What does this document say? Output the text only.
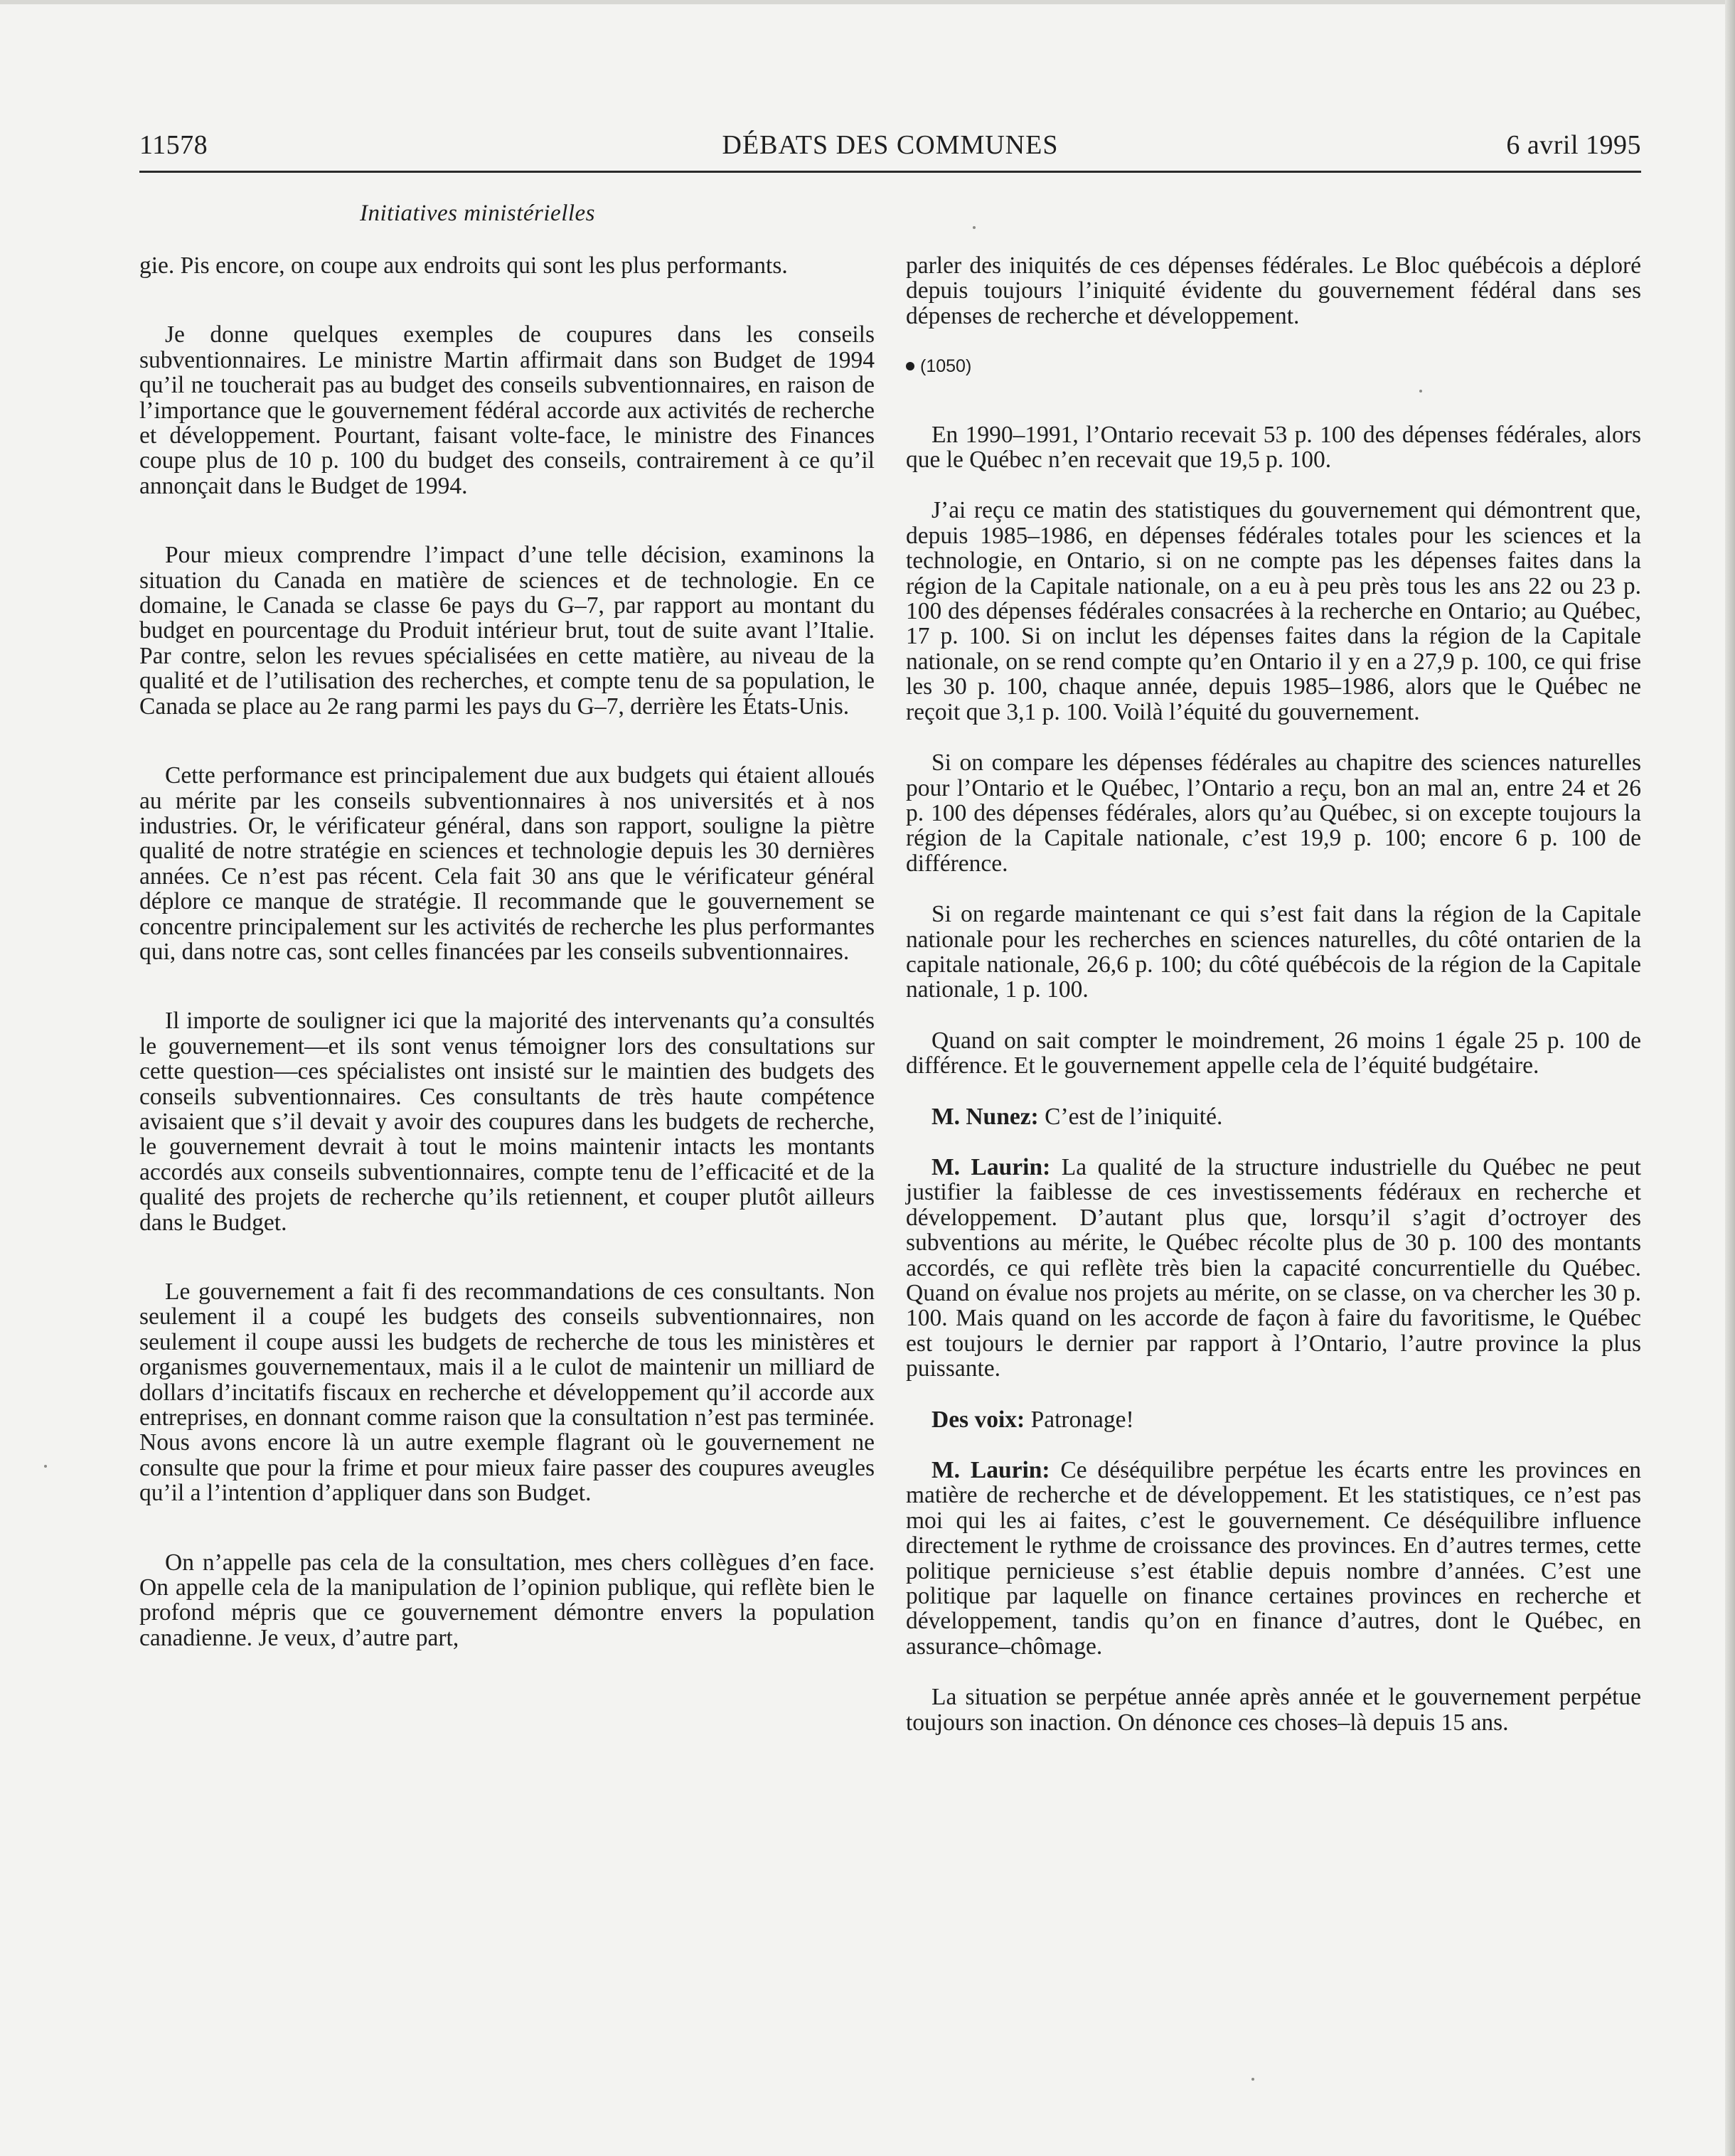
11578	DÉBATS DES COMMUNES	6 avril 1995
Initiatives ministérielles

gie. Pis encore, on coupe aux endroits qui sont les plus performants.

Je donne quelques exemples de coupures dans les conseils subventionnaires. Le ministre Martin affirmait dans son Budget de 1994 qu’il ne toucherait pas au budget des conseils subventionnaires, en raison de l’importance que le gouvernement fédéral accorde aux activités de recherche et développement. Pourtant, faisant volte-face, le ministre des Finances coupe plus de 10 p. 100 du budget des conseils, contrairement à ce qu’il annonçait dans le Budget de 1994.

Pour mieux comprendre l’impact d’une telle décision, examinons la situation du Canada en matière de sciences et de technologie. En ce domaine, le Canada se classe 6e pays du G–7, par rapport au montant du budget en pourcentage du Produit intérieur brut, tout de suite avant l’Italie. Par contre, selon les revues spécialisées en cette matière, au niveau de la qualité et de l’utilisation des recherches, et compte tenu de sa population, le Canada se place au 2e rang parmi les pays du G–7, derrière les États-Unis.

Cette performance est principalement due aux budgets qui étaient alloués au mérite par les conseils subventionnaires à nos universités et à nos industries. Or, le vérificateur général, dans son rapport, souligne la piètre qualité de notre stratégie en sciences et technologie depuis les 30 dernières années. Ce n’est pas récent. Cela fait 30 ans que le vérificateur général déplore ce manque de stratégie. Il recommande que le gouvernement se concentre principalement sur les activités de recherche les plus performantes qui, dans notre cas, sont celles financées par les conseils subventionnaires.

Il importe de souligner ici que la majorité des intervenants qu’a consultés le gouvernement—et ils sont venus témoigner lors des consultations sur cette question—ces spécialistes ont insisté sur le maintien des budgets des conseils subventionnaires. Ces consultants de très haute compétence avisaient que s’il devait y avoir des coupures dans les budgets de recherche, le gouvernement devrait à tout le moins maintenir intacts les montants accordés aux conseils subventionnaires, compte tenu de l’efficacité et de la qualité des projets de recherche qu’ils retiennent, et couper plutôt ailleurs dans le Budget.

Le gouvernement a fait fi des recommandations de ces consultants. Non seulement il a coupé les budgets des conseils subventionnaires, non seulement il coupe aussi les budgets de recherche de tous les ministères et organismes gouvernementaux, mais il a le culot de maintenir un milliard de dollars d’incitatifs fiscaux en recherche et développement qu’il accorde aux entreprises, en donnant comme raison que la consultation n’est pas terminée. Nous avons encore là un autre exemple flagrant où le gouvernement ne consulte que pour la frime et pour mieux faire passer des coupures aveugles qu’il a l’intention d’appliquer dans son Budget.

On n’appelle pas cela de la consultation, mes chers collègues d’en face. On appelle cela de la manipulation de l’opinion publique, qui reflète bien le profond mépris que ce gouvernement démontre envers la population canadienne. Je veux, d’autre part,

parler des iniquités de ces dépenses fédérales. Le Bloc québécois a déploré depuis toujours l’iniquité évidente du gouvernement fédéral dans ses dépenses de recherche et développement.

(1050)

En 1990–1991, l’Ontario recevait 53 p. 100 des dépenses fédérales, alors que le Québec n’en recevait que 19,5 p. 100.

J’ai reçu ce matin des statistiques du gouvernement qui démontrent que, depuis 1985–1986, en dépenses fédérales totales pour les sciences et la technologie, en Ontario, si on ne compte pas les dépenses faites dans la région de la Capitale nationale, on a eu à peu près tous les ans 22 ou 23 p. 100 des dépenses fédérales consacrées à la recherche en Ontario; au Québec, 17 p. 100. Si on inclut les dépenses faites dans la région de la Capitale nationale, on se rend compte qu’en Ontario il y en a 27,9 p. 100, ce qui frise les 30 p. 100, chaque année, depuis 1985–1986, alors que le Québec ne reçoit que 3,1 p. 100. Voilà l’équité du gouvernement.

Si on compare les dépenses fédérales au chapitre des sciences naturelles pour l’Ontario et le Québec, l’Ontario a reçu, bon an mal an, entre 24 et 26 p. 100 des dépenses fédérales, alors qu’au Québec, si on excepte toujours la région de la Capitale nationale, c’est 19,9 p. 100; encore 6 p. 100 de différence.

Si on regarde maintenant ce qui s’est fait dans la région de la Capitale nationale pour les recherches en sciences naturelles, du côté ontarien de la capitale nationale, 26,6 p. 100; du côté québécois de la région de la Capitale nationale, 1 p. 100.

Quand on sait compter le moindrement, 26 moins 1 égale 25 p. 100 de différence. Et le gouvernement appelle cela de l’équité budgétaire.

M. Nunez: C’est de l’iniquité.

M. Laurin: La qualité de la structure industrielle du Québec ne peut justifier la faiblesse de ces investissements fédéraux en recherche et développement. D’autant plus que, lorsqu’il s’agit d’octroyer des subventions au mérite, le Québec récolte plus de 30 p. 100 des montants accordés, ce qui reflète très bien la capacité concurrentielle du Québec. Quand on évalue nos projets au mérite, on se classe, on va chercher les 30 p. 100. Mais quand on les accorde de façon à faire du favoritisme, le Québec est toujours le dernier par rapport à l’Ontario, l’autre province la plus puissante.

Des voix: Patronage!

M. Laurin: Ce déséquilibre perpétue les écarts entre les provinces en matière de recherche et de développement. Et les statistiques, ce n’est pas moi qui les ai faites, c’est le gouvernement. Ce déséquilibre influence directement le rythme de croissance des provinces. En d’autres termes, cette politique pernicieuse s’est établie depuis nombre d’années. C’est une politique par laquelle on finance certaines provinces en recherche et développement, tandis qu’on en finance d’autres, dont le Québec, en assurance–chômage.

La situation se perpétue année après année et le gouvernement perpétue toujours son inaction. On dénonce ces choses–là depuis 15 ans.
